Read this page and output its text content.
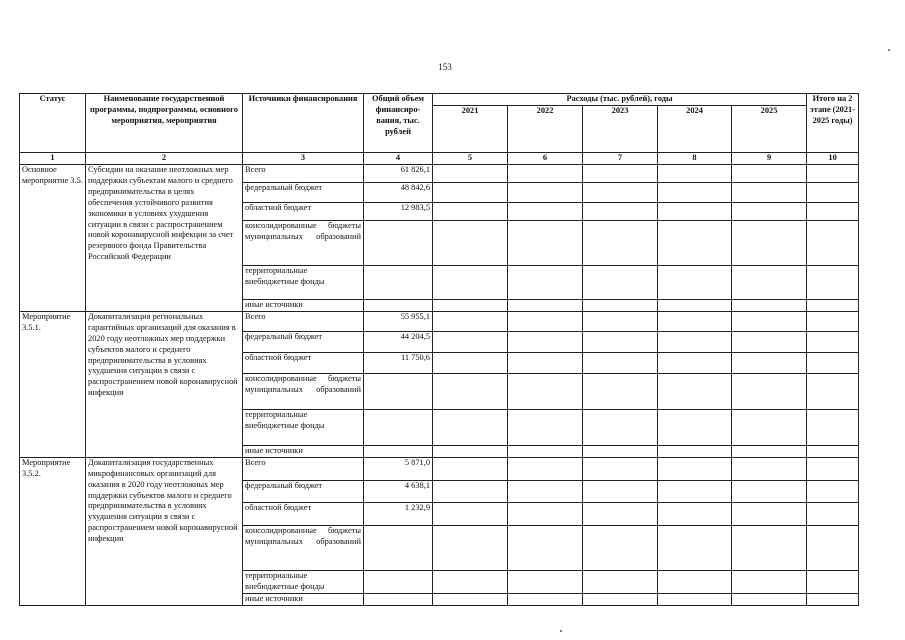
153
Статус	Наименование государственной программы, подпрограммы, основного мероприятия, мероприятия	Источники финансирования	Общий объем финансиро-вания, тыс. рублей	Расходы (тыс. рублей), годы					Итого на 2 этапе (2021-2025 годы)
				2021	2022	2023	2024	2025	
1	2	3	4	5	6	7	8	9	10
Основное мероприятие 3.5.	Субсидии на оказание неотложных мер поддержки субъектам малого и среднего предпринимательства в целях обеспечения устойчивого развития экономики в условиях ухудшения ситуации в связи с распространением новой коронавирусной инфекции за счет резервного фонда Правительства Российской Федерации	Всего	61 826,1						
		федеральный бюджет	48 842,6						
		областной бюджет	12 983,5						
		консолидированные бюджеты муниципальных образований							
		территориальные внебюджетные фонды							
		иные источники							
Мероприятие 3.5.1.	Докапитализация региональных гарантийных организаций для оказания в 2020 году неотложных мер поддержки субъектов малого и среднего предпринимательства в условиях ухудшения ситуации в связи с распространением новой коронавирусной инфекции	Всего	55 955,1						
		федеральный бюджет	44 204,5						
		областной бюджет	11 750,6						
		консолидированные бюджеты муниципальных образований							
		территориальные внебюджетные фонды							
		иные источники							
Мероприятие 3.5.2.	Докапитализация государственных микрофинансовых организаций для оказания в 2020 году неотложных мер поддержки субъектов малого и среднего предпринимательства в условиях ухудшения ситуации в связи с распространением новой коронавирусной инфекции	Всего	5 871,0						
		федеральный бюджет	4 638,1						
		областной бюджет	1 232,9						
		консолидированные бюджеты муниципальных образований							
		территориальные внебюджетные фонды							
		иные источники							
